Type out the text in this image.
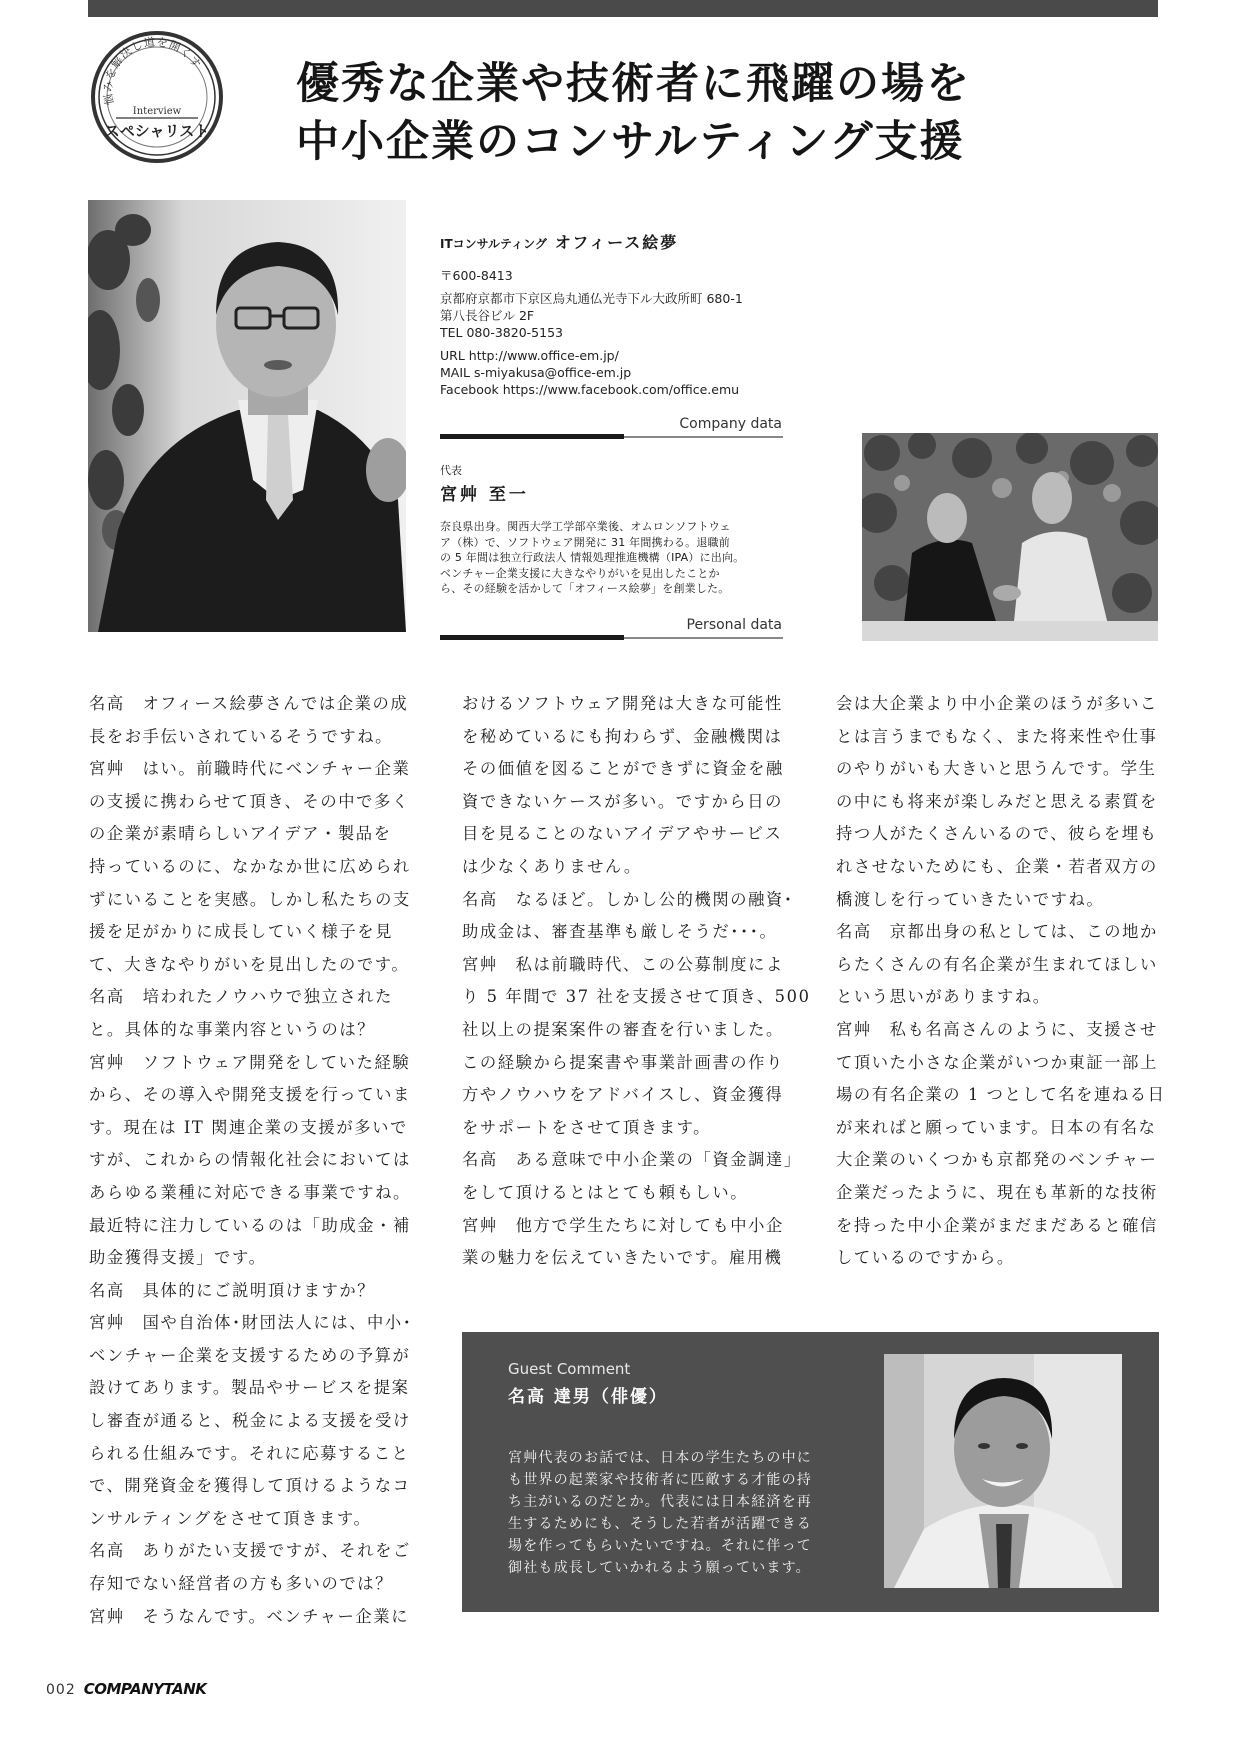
悩みを解決し道を開くす
Interview
スペシャリスト
優秀な企業や技術者に飛躍の場を
中小企業のコンサルティング支援
ITコンサルティング オフィース絵夢
〒600-8413
京都府京都市下京区烏丸通仏光寺下ル大政所町 680-1
第八長谷ビル 2F
TEL 080-3820-5153
URL http://www.office-em.jp/
MAIL s-miyakusa@office-em.jp
Facebook https://www.facebook.com/office.emu
Company data
代表
宮艸 至一
奈良県出身。関西大学工学部卒業後、オムロンソフトウェ
ア（株）で、ソフトウェア開発に 31 年間携わる。退職前
の 5 年間は独立行政法人 情報処理推進機構（IPA）に出向。
ベンチャー企業支援に大きなやりがいを見出したことか
ら、その経験を活かして「オフィース絵夢」を創業した。
Personal data
名高　オフィース絵夢さんでは企業の成
長をお手伝いされているそうですね。
宮艸　はい。前職時代にベンチャー企業
の支援に携わらせて頂き、その中で多く
の企業が素晴らしいアイデア・製品を
持っているのに、なかなか世に広められ
ずにいることを実感。しかし私たちの支
援を足がかりに成長していく様子を見
て、大きなやりがいを見出したのです。
名高　培われたノウハウで独立された
と。具体的な事業内容というのは？
宮艸　ソフトウェア開発をしていた経験
から、その導入や開発支援を行っていま
す。現在は IT 関連企業の支援が多いで
すが、これからの情報化社会においては
あらゆる業種に対応できる事業ですね。
最近特に注力しているのは「助成金・補
助金獲得支援」です。
名高　具体的にご説明頂けますか？
宮艸　国や自治体･財団法人には、中小･
ベンチャー企業を支援するための予算が
設けてあります。製品やサービスを提案
し審査が通ると、税金による支援を受け
られる仕組みです。それに応募すること
で、開発資金を獲得して頂けるようなコ
ンサルティングをさせて頂きます。
名高　ありがたい支援ですが、それをご
存知でない経営者の方も多いのでは？
宮艸　そうなんです。ベンチャー企業に
おけるソフトウェア開発は大きな可能性
を秘めているにも拘わらず、金融機関は
その価値を図ることができずに資金を融
資できないケースが多い。ですから日の
目を見ることのないアイデアやサービス
は少なくありません。
名高　なるほど。しかし公的機関の融資･
助成金は、審査基準も厳しそうだ･･･。
宮艸　私は前職時代、この公募制度によ
り 5 年間で 37 社を支援させて頂き、500
社以上の提案案件の審査を行いました。
この経験から提案書や事業計画書の作り
方やノウハウをアドバイスし、資金獲得
をサポートをさせて頂きます。
名高　ある意味で中小企業の「資金調達」
をして頂けるとはとても頼もしい。
宮艸　他方で学生たちに対しても中小企
業の魅力を伝えていきたいです。雇用機
会は大企業より中小企業のほうが多いこ
とは言うまでもなく、また将来性や仕事
のやりがいも大きいと思うんです。学生
の中にも将来が楽しみだと思える素質を
持つ人がたくさんいるので、彼らを埋も
れさせないためにも、企業・若者双方の
橋渡しを行っていきたいですね。
名高　京都出身の私としては、この地か
らたくさんの有名企業が生まれてほしい
という思いがありますね。
宮艸　私も名高さんのように、支援させ
て頂いた小さな企業がいつか東証一部上
場の有名企業の 1 つとして名を連ねる日
が来ればと願っています。日本の有名な
大企業のいくつかも京都発のベンチャー
企業だったように、現在も革新的な技術
を持った中小企業がまだまだあると確信
しているのですから。
Guest Comment
名高 達男（俳優）
宮艸代表のお話では、日本の学生たちの中に
も世界の起業家や技術者に匹敵する才能の持
ち主がいるのだとか。代表には日本経済を再
生するためにも、そうした若者が活躍できる
場を作ってもらいたいですね。それに伴って
御社も成長していかれるよう願っています。
002 COMPANYTANK
